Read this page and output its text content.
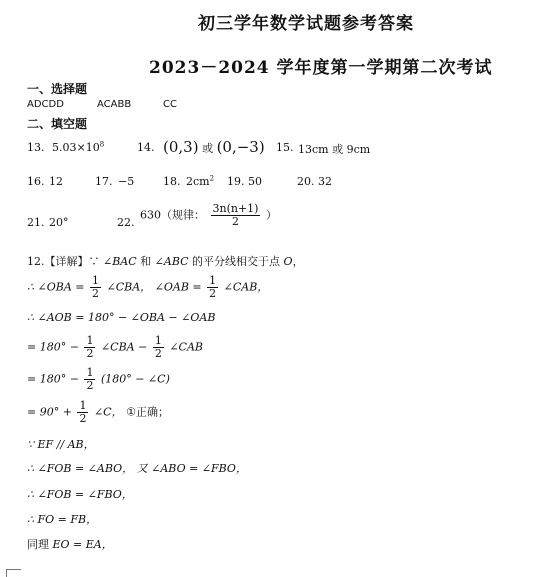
初三学年数学试题参考答案
2023－2024 学年度第一学期第二次考试
一、选择题
ADCDD	ACABB	CC
二、填空题
13. $5.03\times 10^8$	14. (0,3) 或 (0,−3) 15. 13cm 或 9cm
16. 12	17. −5	18. $2cm^2$ 19. 50	20. 32
21. 20°	22.
630（规律： $\frac{3n(n+1)}{2}$ ）
12.【详解】∵ ∠BAC 和 ∠ABC 的平分线相交于点 O，
∴ ∠OBA = $\frac{1}{2}$ ∠CBA， ∠OAB = $\frac{1}{2}$ ∠CAB，
∴ ∠AOB = 180° − ∠OBA − ∠OAB
= $180^\circ - \frac{1}{2}$ ∠CBA − $\frac{1}{2}$ ∠CAB
= $180^\circ - \frac{1}{2} (180^\circ$ − ∠C)
= $90^\circ + \frac{1}{2}$ ∠C， ①正确；
∵ EF // AB，
∴ ∠FOB = ∠ABO， 又 ∠ABO = ∠FBO，
∴ ∠FOB = ∠FBO，
∴ FO = FB，
同理 EO = EA，
